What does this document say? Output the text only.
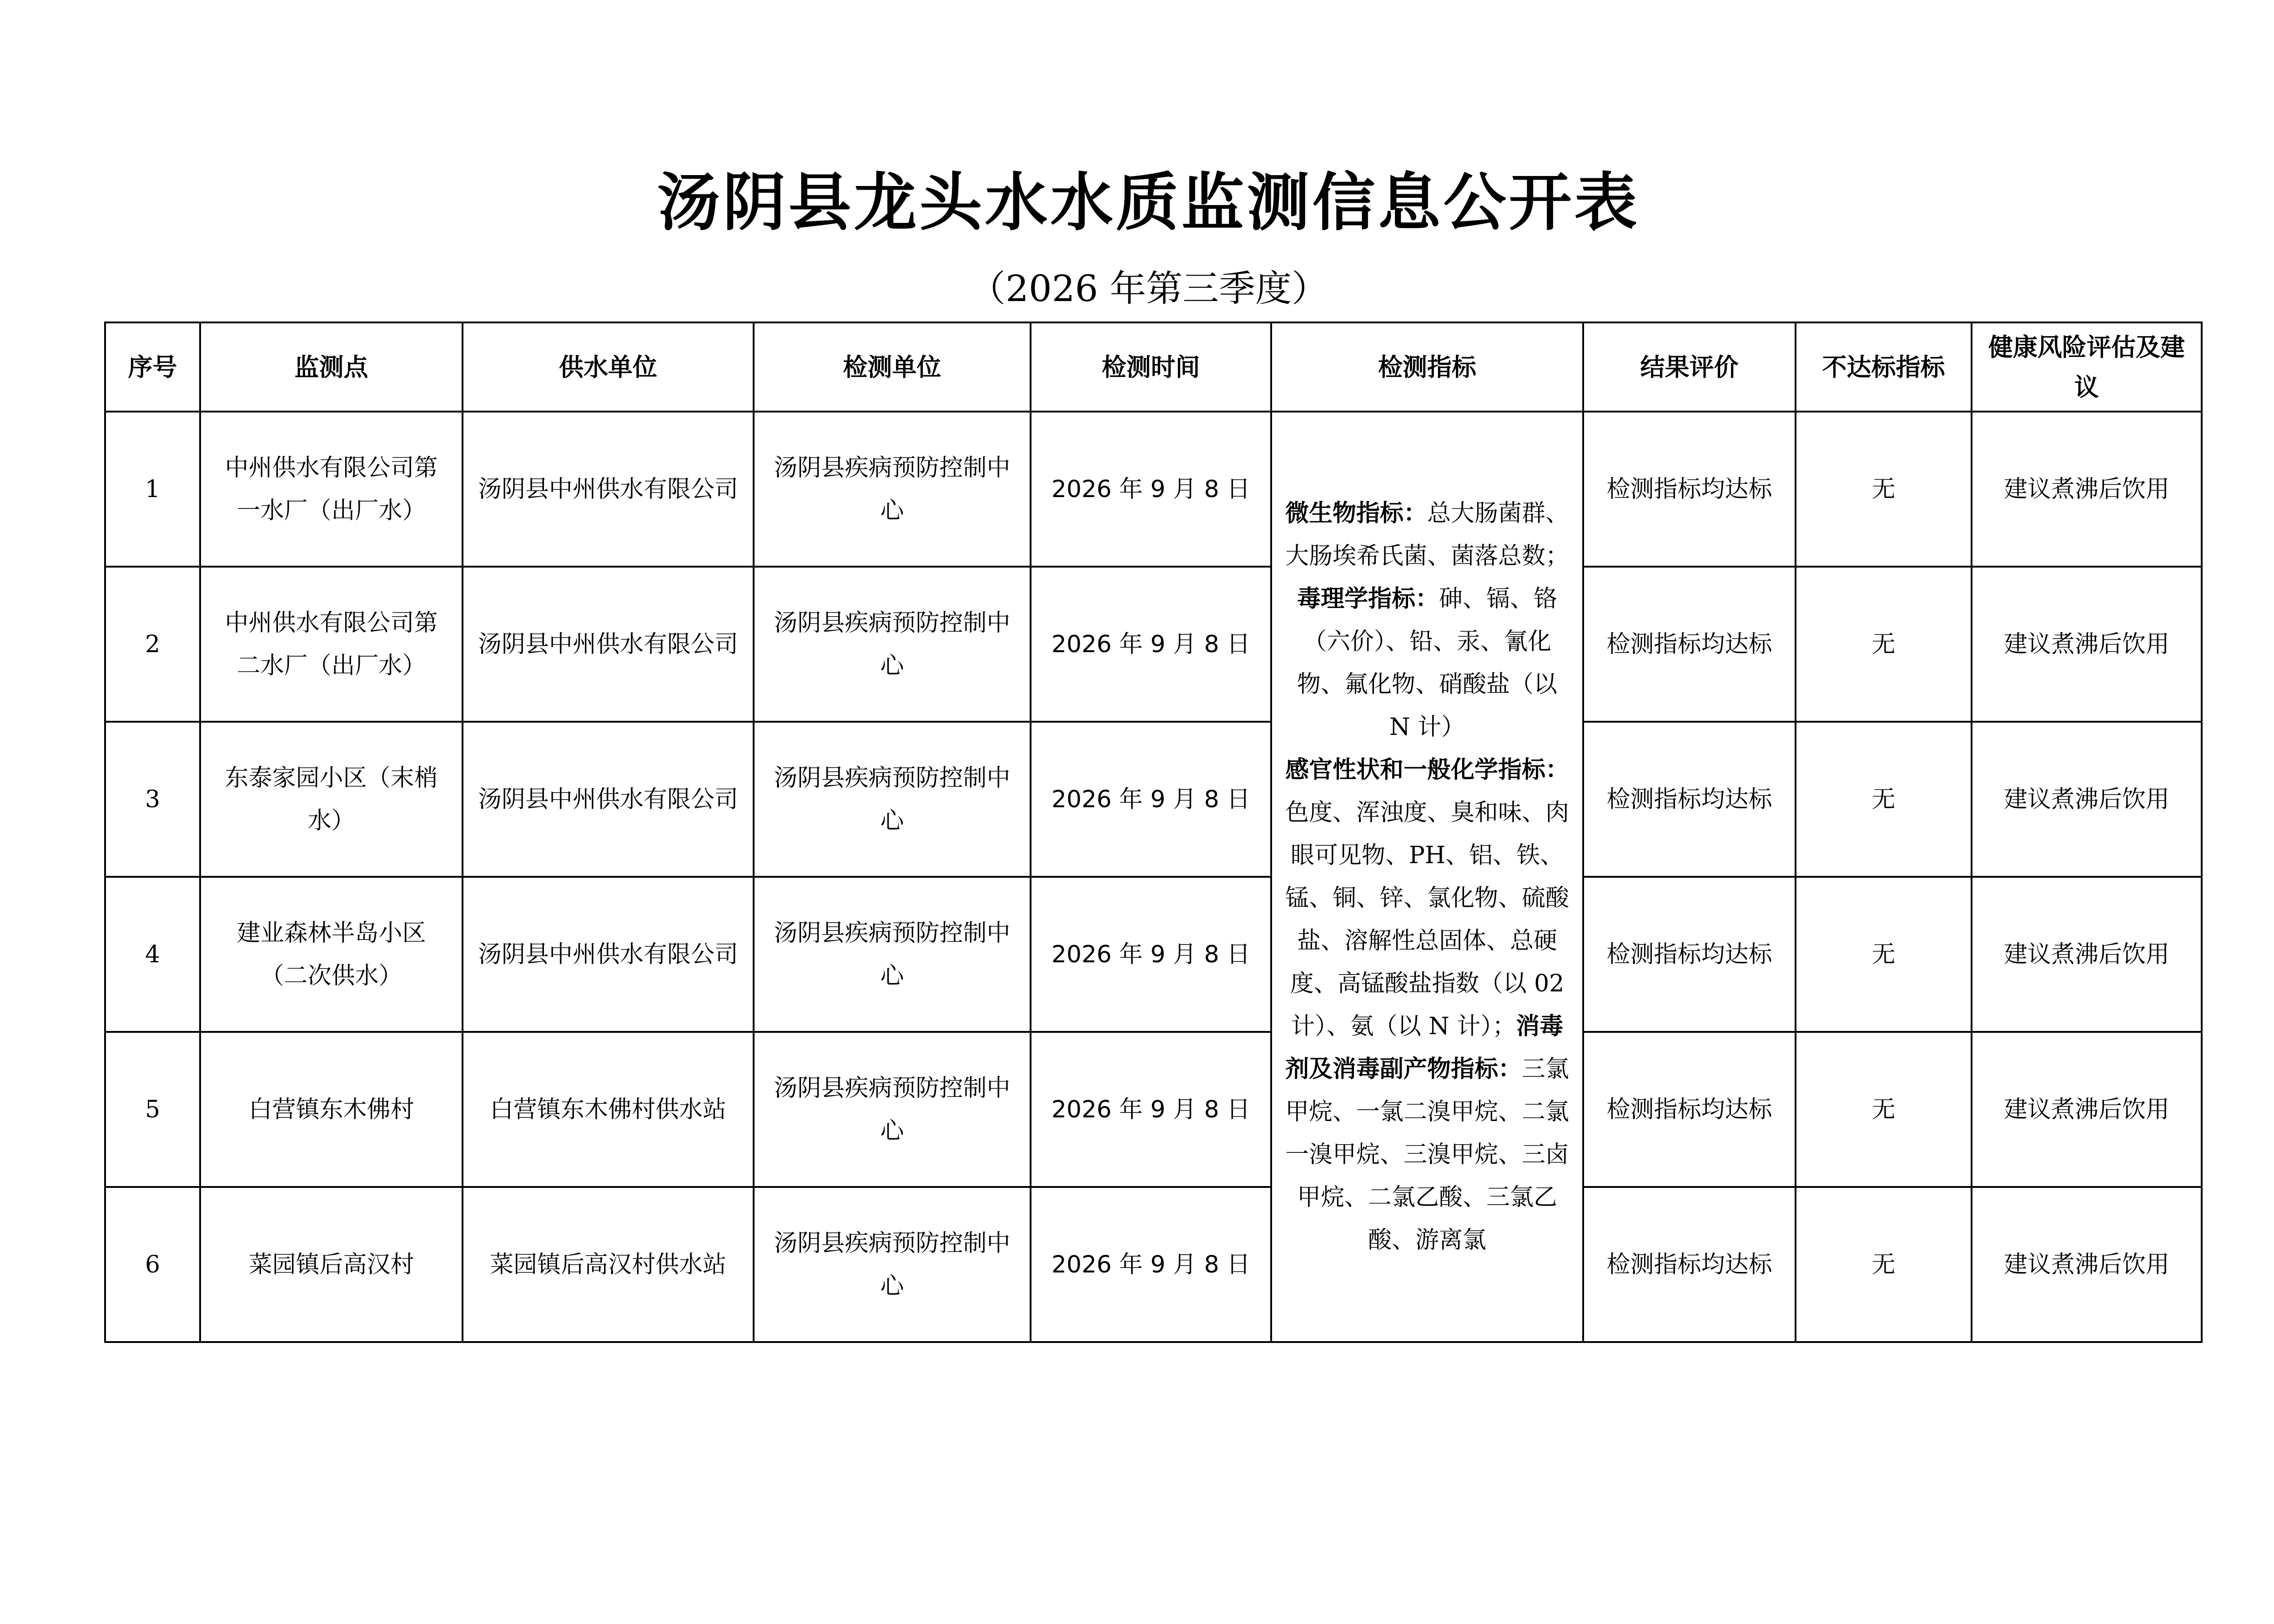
汤阴县龙头水水质监测信息公开表
（2026 年第三季度）
序号	监测点	供水单位	检测单位	检测时间	检测指标	结果评价	不达标指标	健康风险评估及建议
1	中州供水有限公司第一水厂（出厂水）	汤阴县中州供水有限公司	汤阴县疾病预防控制中心	2026 年 9 月 8 日	微生物指标：总大肠菌群、大肠埃希氏菌、菌落总数；毒理学指标：砷、镉、铬（六价）、铅、汞、氰化物、氟化物、硝酸盐（以 N 计）
感官性状和一般化学指标：色度、浑浊度、臭和味、肉眼可见物、PH、铝、铁、锰、铜、锌、氯化物、硫酸盐、溶解性总固体、总硬度、高锰酸盐指数（以 02 计）、氨（以 N 计）；消毒剂及消毒副产物指标：三氯甲烷、一氯二溴甲烷、二氯一溴甲烷、三溴甲烷、三卤甲烷、二氯乙酸、三氯乙酸、游离氯	检测指标均达标	无	建议煮沸后饮用
2	中州供水有限公司第二水厂（出厂水）	汤阴县中州供水有限公司	汤阴县疾病预防控制中心	2026 年 9 月 8 日		检测指标均达标	无	建议煮沸后饮用
3	东泰家园小区（末梢水）	汤阴县中州供水有限公司	汤阴县疾病预防控制中心	2026 年 9 月 8 日		检测指标均达标	无	建议煮沸后饮用
4	建业森林半岛小区（二次供水）	汤阴县中州供水有限公司	汤阴县疾病预防控制中心	2026 年 9 月 8 日		检测指标均达标	无	建议煮沸后饮用
5	白营镇东木佛村	白营镇东木佛村供水站	汤阴县疾病预防控制中心	2026 年 9 月 8 日		检测指标均达标	无	建议煮沸后饮用
6	菜园镇后高汉村	菜园镇后高汉村供水站	汤阴县疾病预防控制中心	2026 年 9 月 8 日		检测指标均达标	无	建议煮沸后饮用
